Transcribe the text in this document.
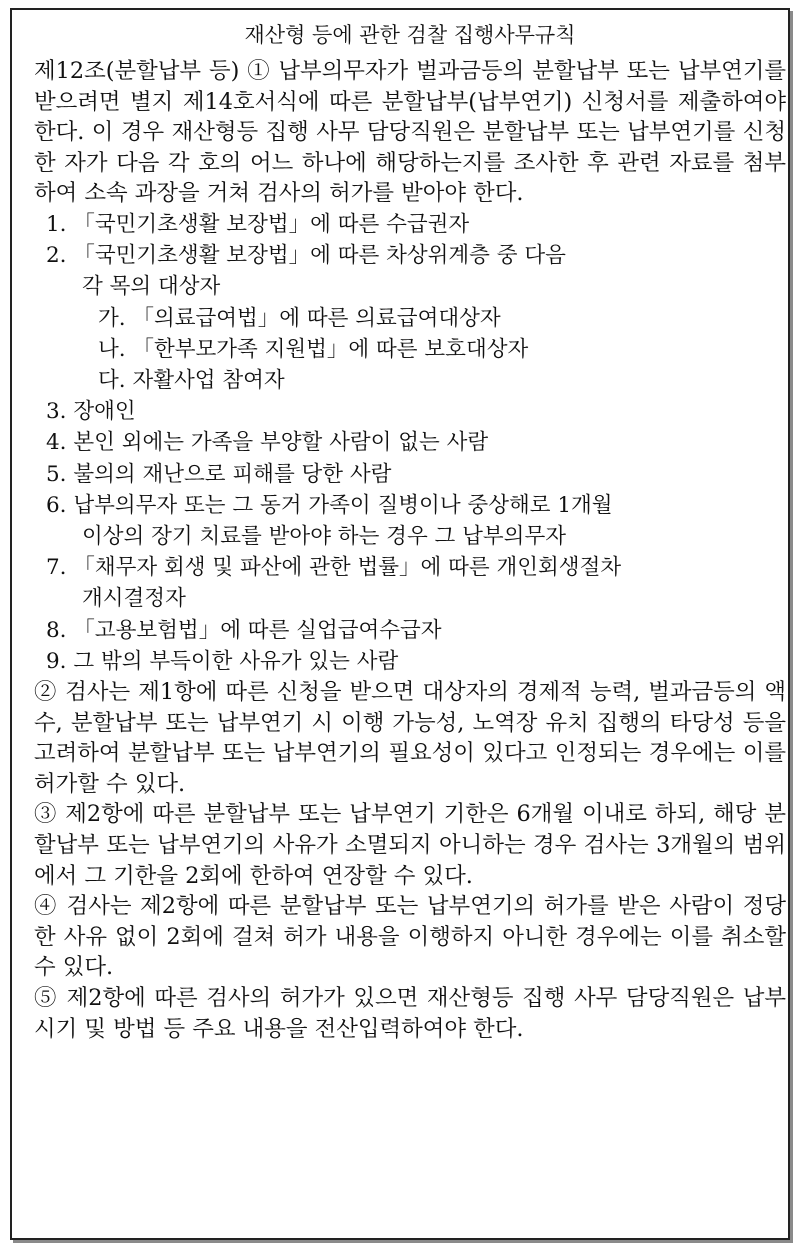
재산형 등에 관한 검찰 집행사무규칙

제12조(분할납부 등) ① 납부의무자가 벌과금등의 분할납부 또는 납부연기를 받으려면 별지 제14호서식에 따른 분할납부(납부연기) 신청서를 제출하여야 한다. 이 경우 재산형등 집행 사무 담당직원은 분할납부 또는 납부연기를 신청한 자가 다음 각 호의 어느 하나에 해당하는지를 조사한 후 관련 자료를 첨부하여 소속 과장을 거쳐 검사의 허가를 받아야 한다.

1. 「국민기초생활 보장법」에 따른 수급권자

2. 「국민기초생활 보장법」에 따른 차상위계층 중 다음

각 목의 대상자

가. 「의료급여법」에 따른 의료급여대상자

나. 「한부모가족 지원법」에 따른 보호대상자

다. 자활사업 참여자

3. 장애인

4. 본인 외에는 가족을 부양할 사람이 없는 사람

5. 불의의 재난으로 피해를 당한 사람

6. 납부의무자 또는 그 동거 가족이 질병이나 중상해로 1개월

이상의 장기 치료를 받아야 하는 경우 그 납부의무자

7. 「채무자 회생 및 파산에 관한 법률」에 따른 개인회생절차

개시결정자

8. 「고용보험법」에 따른 실업급여수급자

9. 그 밖의 부득이한 사유가 있는 사람

② 검사는 제1항에 따른 신청을 받으면 대상자의 경제적 능력, 벌과금등의 액수, 분할납부 또는 납부연기 시 이행 가능성, 노역장 유치 집행의 타당성 등을 고려하여 분할납부 또는 납부연기의 필요성이 있다고 인정되는 경우에는 이를 허가할 수 있다.

③ 제2항에 따른 분할납부 또는 납부연기 기한은 6개월 이내로 하되, 해당 분할납부 또는 납부연기의 사유가 소멸되지 아니하는 경우 검사는 3개월의 범위에서 그 기한을 2회에 한하여 연장할 수 있다.

④ 검사는 제2항에 따른 분할납부 또는 납부연기의 허가를 받은 사람이 정당한 사유 없이 2회에 걸쳐 허가 내용을 이행하지 아니한 경우에는 이를 취소할 수 있다.

⑤ 제2항에 따른 검사의 허가가 있으면 재산형등 집행 사무 담당직원은 납부 시기 및 방법 등 주요 내용을 전산입력하여야 한다.
